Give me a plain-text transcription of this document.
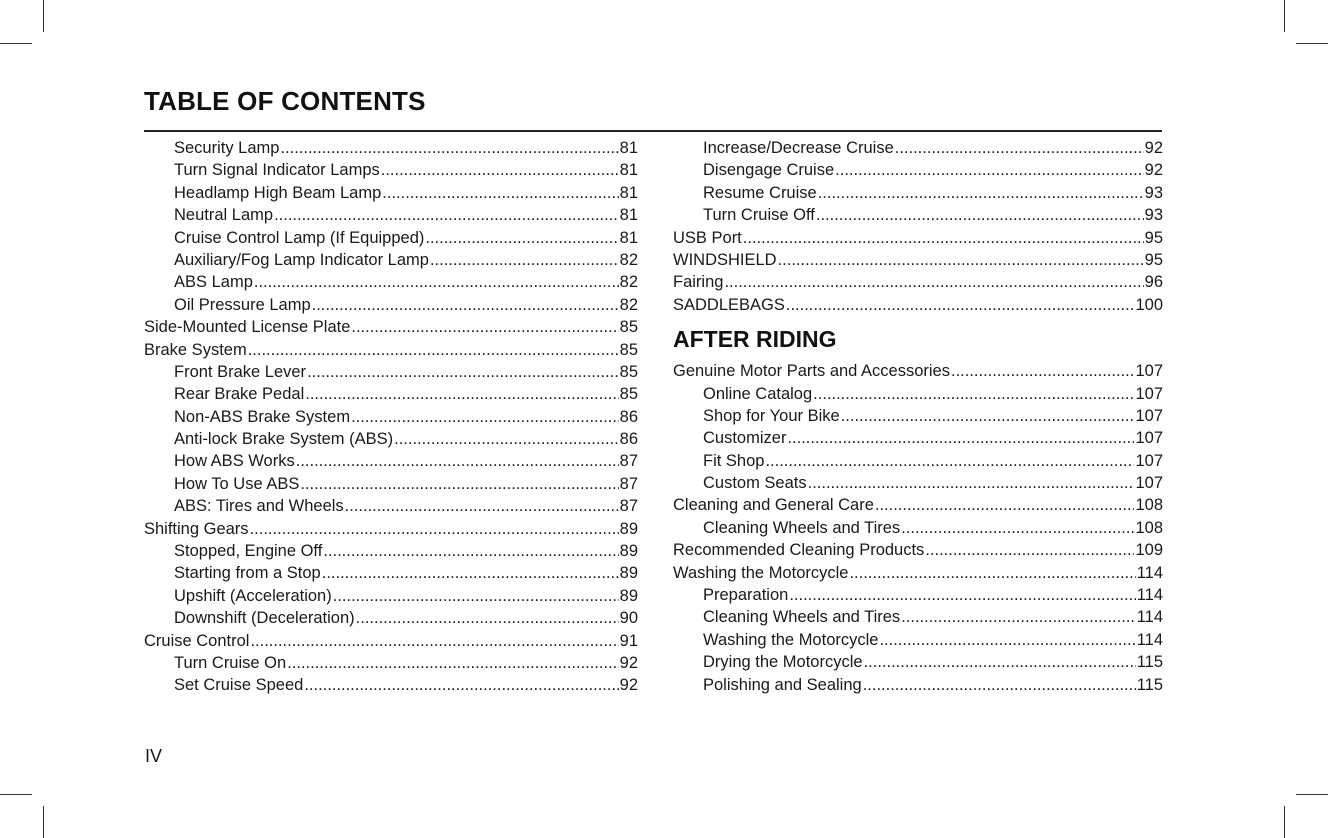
TABLE OF CONTENTS
Security Lamp .....	81
Turn Signal Indicator Lamps .....	81
Headlamp High Beam Lamp .....	81
Neutral Lamp .....	81
Cruise Control Lamp (If Equipped) .....	81
Auxiliary/Fog Lamp Indicator Lamp .....	82
ABS Lamp .....	82
Oil Pressure Lamp .....	82
Side-Mounted License Plate .....	85
Brake System .....	85
Front Brake Lever .....	85
Rear Brake Pedal .....	85
Non-ABS Brake System .....	86
Anti-lock Brake System (ABS) .....	86
How ABS Works .....	87
How To Use ABS .....	87
ABS: Tires and Wheels .....	87
Shifting Gears .....	89
Stopped, Engine Off .....	89
Starting from a Stop .....	89
Upshift (Acceleration) .....	89
Downshift (Deceleration) .....	90
Cruise Control .....	91
Turn Cruise On .....	92
Set Cruise Speed .....	92
Increase/Decrease Cruise .....	92
Disengage Cruise .....	92
Resume Cruise .....	93
Turn Cruise Off .....	93
USB Port .....	95
WINDSHIELD .....	95
Fairing .....	96
SADDLEBAGS .....	100
AFTER RIDING
Genuine Motor Parts and Accessories .....	107
Online Catalog .....	107
Shop for Your Bike .....	107
Customizer .....	107
Fit Shop .....	107
Custom Seats .....	107
Cleaning and General Care .....	108
Cleaning Wheels and Tires .....	108
Recommended Cleaning Products .....	109
Washing the Motorcycle .....	114
Preparation .....	114
Cleaning Wheels and Tires .....	114
Washing the Motorcycle .....	114
Drying the Motorcycle .....	115
Polishing and Sealing .....	115
IV
